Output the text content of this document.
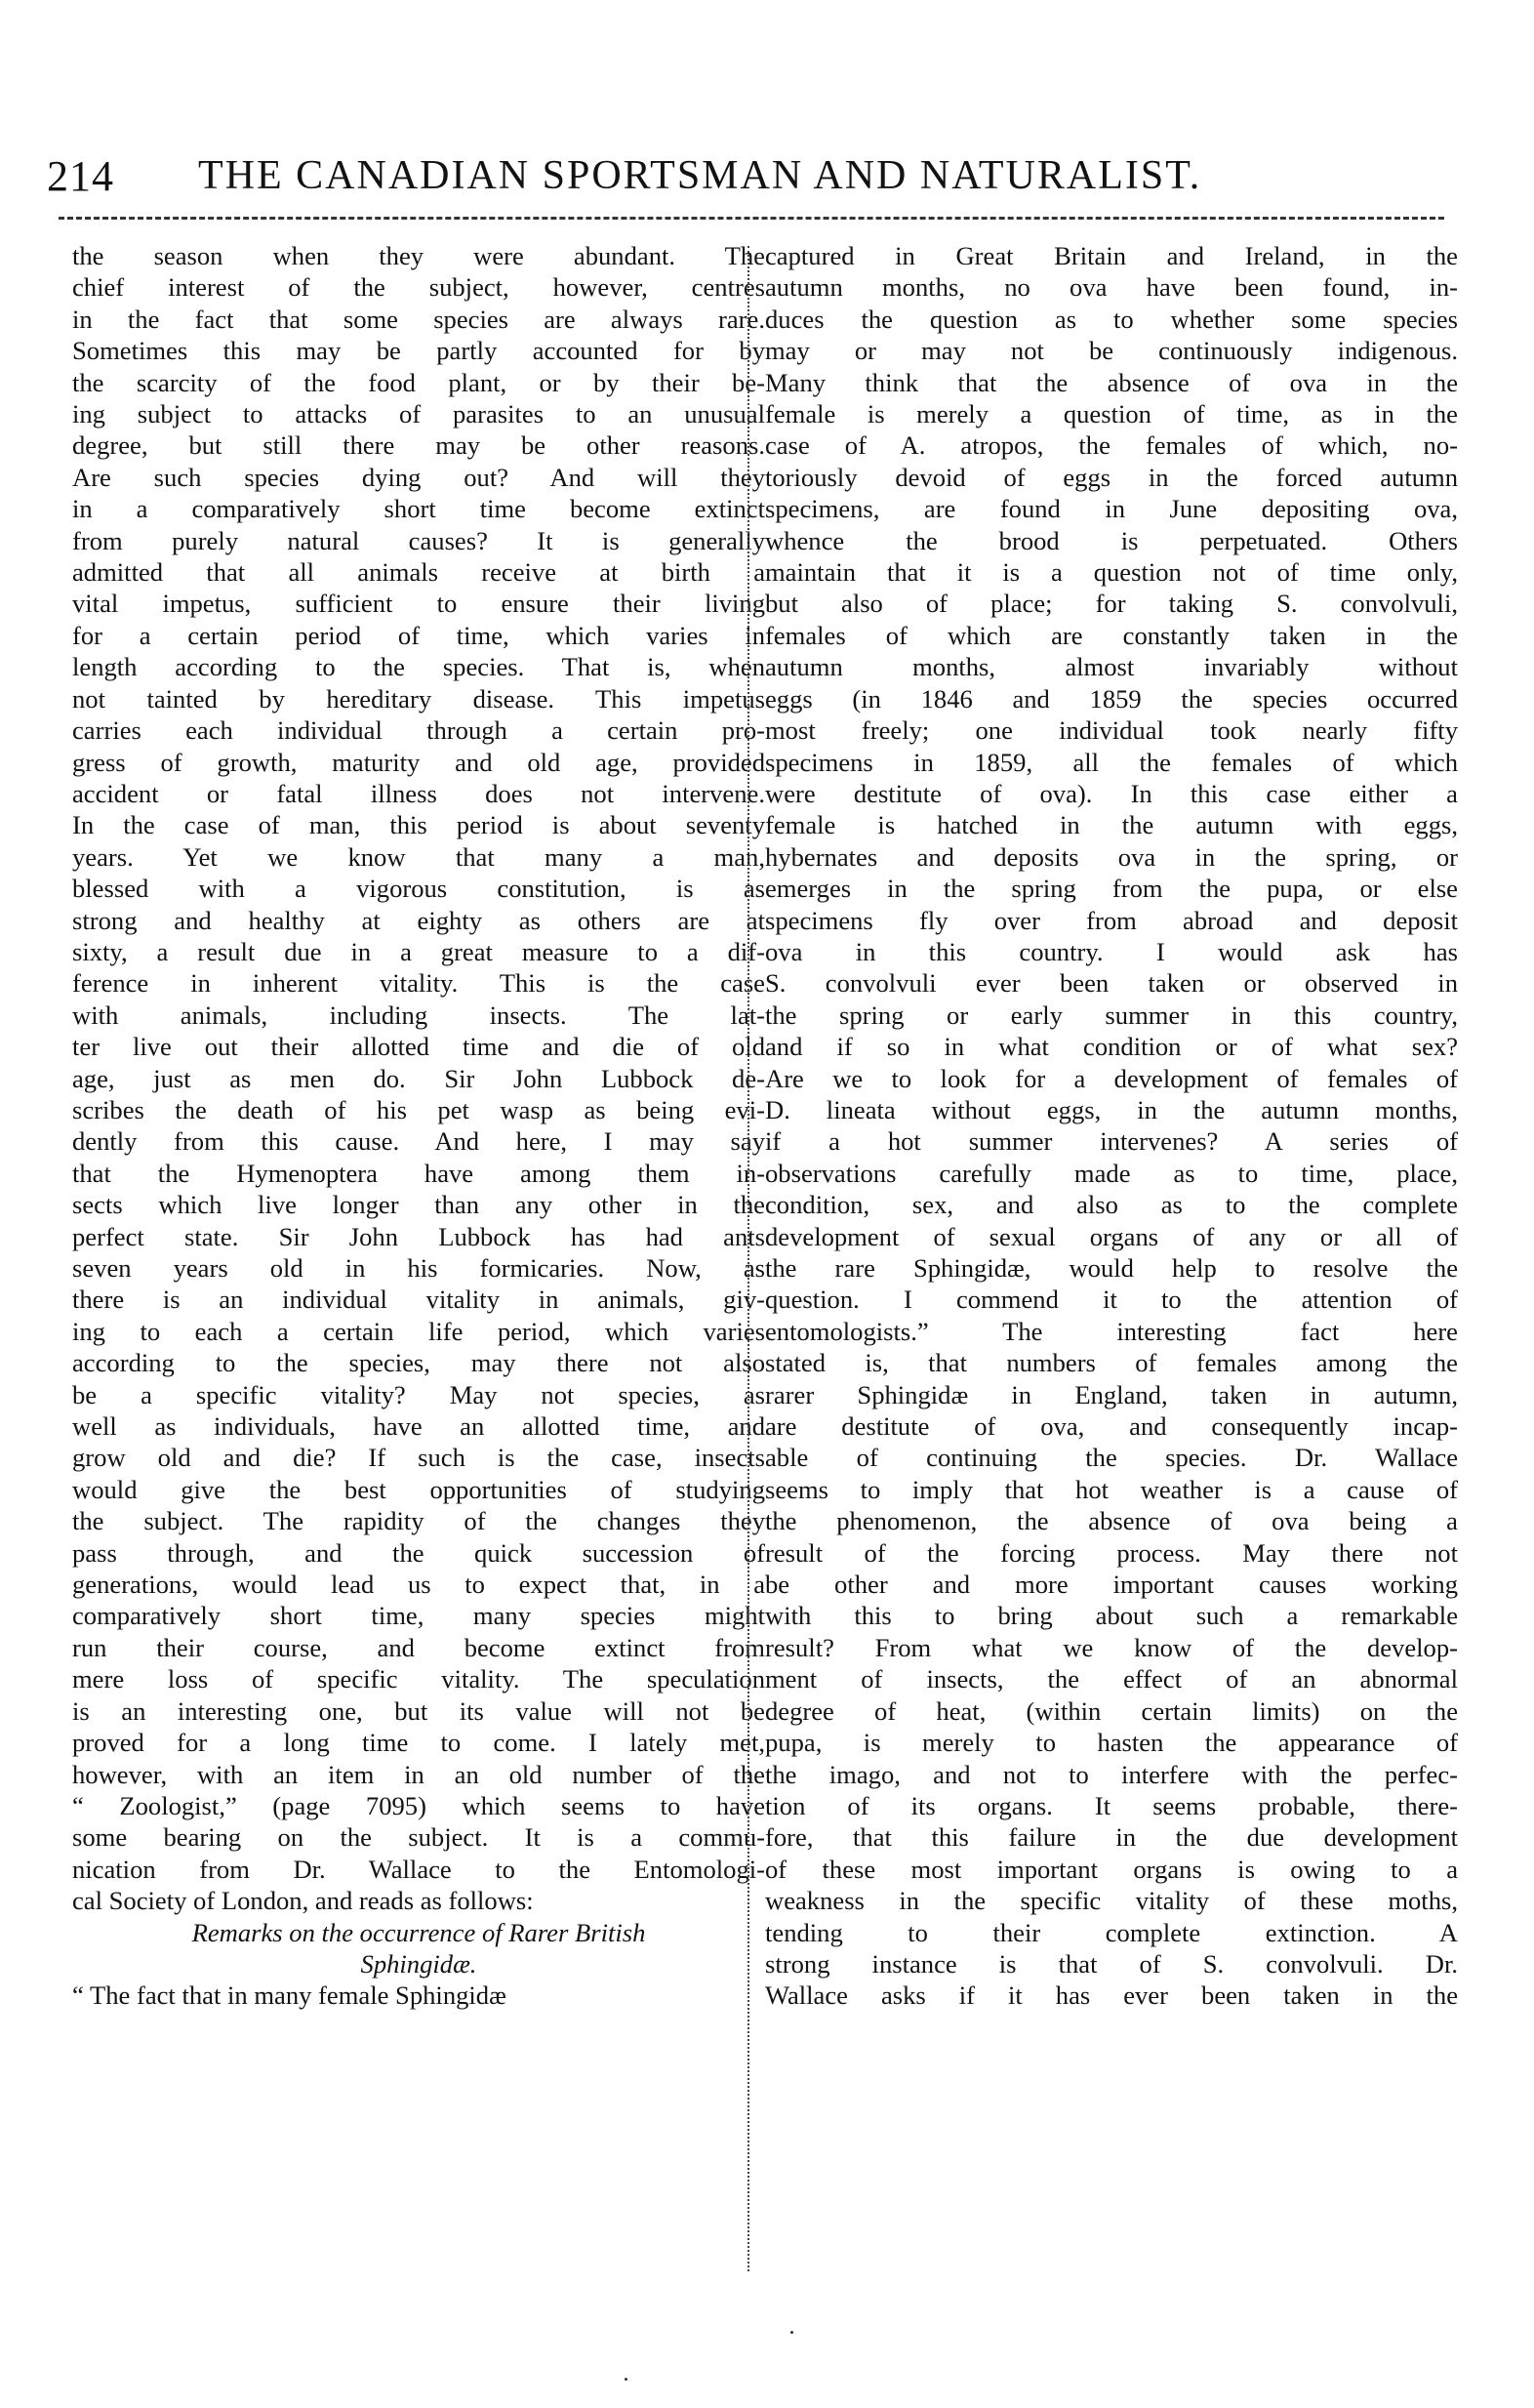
214 THE CANADIAN SPORTSMAN AND NATURALIST.
the season when they were abundant. The
chief interest of the subject, however, centres
in the fact that some species are always rare.
Sometimes this may be partly accounted for by
the scarcity of the food plant, or by their be-
ing subject to attacks of parasites to an unusual
degree, but still there may be other reasons.
Are such species dying out? And will they
in a comparatively short time become extinct
from purely natural causes? It is generally
admitted that all animals receive at birth a
vital impetus, sufficient to ensure their living
for a certain period of time, which varies in
length according to the species. That is, when
not tainted by hereditary disease. This impetus
carries each individual through a certain pro-
gress of growth, maturity and old age, provided
accident or fatal illness does not intervene.
In the case of man, this period is about seventy
years. Yet we know that many a man,
blessed with a vigorous constitution, is as
strong and healthy at eighty as others are at
sixty, a result due in a great measure to a dif-
ference in inherent vitality. This is the case
with animals, including insects. The lat-
ter live out their allotted time and die of old
age, just as men do. Sir John Lubbock de-
scribes the death of his pet wasp as being evi-
dently from this cause. And here, I may say
that the Hymenoptera have among them in-
sects which live longer than any other in the
perfect state. Sir John Lubbock has had ants
seven years old in his formicaries. Now, as
there is an individual vitality in animals, giv-
ing to each a certain life period, which varies
according to the species, may there not also
be a specific vitality? May not species, as
well as individuals, have an allotted time, and
grow old and die? If such is the case, insects
would give the best opportunities of studying
the subject. The rapidity of the changes they
pass through, and the quick succession of
generations, would lead us to expect that, in a
comparatively short time, many species might
run their course, and become extinct from
mere loss of specific vitality. The speculation
is an interesting one, but its value will not be
proved for a long time to come. I lately met,
however, with an item in an old number of the
“ Zoologist,” (page 7095) which seems to have
some bearing on the subject. It is a commu-
nication from Dr. Wallace to the Entomologi-
cal Society of London, and reads as follows:
Remarks on the occurrence of Rarer British
Sphingidæ.
“ The fact that in many female Sphingidæ
captured in Great Britain and Ireland, in the
autumn months, no ova have been found, in-
duces the question as to whether some species
may or may not be continuously indigenous.
Many think that the absence of ova in the
female is merely a question of time, as in the
case of A. atropos, the females of which, no-
toriously devoid of eggs in the forced autumn
specimens, are found in June depositing ova,
whence the brood is perpetuated. Others
maintain that it is a question not of time only,
but also of place; for taking S. convolvuli,
females of which are constantly taken in the
autumn months, almost invariably without
eggs (in 1846 and 1859 the species occurred
most freely; one individual took nearly fifty
specimens in 1859, all the females of which
were destitute of ova). In this case either a
female is hatched in the autumn with eggs,
hybernates and deposits ova in the spring, or
emerges in the spring from the pupa, or else
specimens fly over from abroad and deposit
ova in this country. I would ask has
S. convolvuli ever been taken or observed in
the spring or early summer in this country,
and if so in what condition or of what sex?
Are we to look for a development of females of
D. lineata without eggs, in the autumn months,
if a hot summer intervenes? A series of
observations carefully made as to time, place,
condition, sex, and also as to the complete
development of sexual organs of any or all of
the rare Sphingidæ, would help to resolve the
question. I commend it to the attention of
entomologists.” The interesting fact here
stated is, that numbers of females among the
rarer Sphingidæ in England, taken in autumn,
are destitute of ova, and consequently incap-
able of continuing the species. Dr. Wallace
seems to imply that hot weather is a cause of
the phenomenon, the absence of ova being a
result of the forcing process. May there not
be other and more important causes working
with this to bring about such a remarkable
result? From what we know of the develop-
ment of insects, the effect of an abnormal
degree of heat, (within certain limits) on the
pupa, is merely to hasten the appearance of
the imago, and not to interfere with the perfec-
tion of its organs. It seems probable, there-
fore, that this failure in the due development
of these most important organs is owing to a
weakness in the specific vitality of these moths,
tending to their complete extinction. A
strong instance is that of S. convolvuli. Dr.
Wallace asks if it has ever been taken in the
